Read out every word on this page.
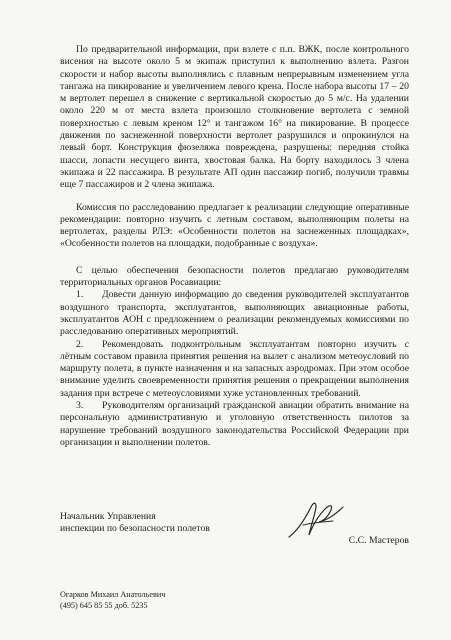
По предварительной информации, при взлете с п.п. ВЖК, после контрольного висения на высоте около 5 м экипаж приступил к выполнению взлета. Разгон скорости и набор высоты выполнялись с плавным непрерывным изменением угла тангажа на пикирование и увеличением левого крена. После набора высоты 17 – 20 м вертолет перешел в снижение с вертикальной скоростью до 5 м/с. На удалении около 220 м от места взлета произошло столкновение вертолета с земной поверхностью с левым креном 12° и тангажом 16° на пикирование. В процессе движения по заснеженной поверхности вертолет разрушился и опрокинулся на левый борт. Конструкция фюзеляжа повреждена, разрушены: передняя стойка шасси, лопасти несущего винта, хвостовая балка. На борту находилось 3 члена экипажа и 22 пассажира. В результате АП один пассажир погиб, получили травмы еще 7 пассажиров и 2 члена экипажа.

Комиссия по расследованию предлагает к реализации следующие оперативные рекомендации: повторно изучить с летным составом, выполняющим полеты на вертолетах, разделы РЛЭ: «Особенности полетов на заснеженных площадках», «Особенности полетов на площадки, подобранные с воздуха».

С целью обеспечения безопасности полетов предлагаю руководителям территориальных органов Росавиации:

1. Довести данную информацию до сведения руководителей эксплуатантов воздушного транспорта, эксплуатантов, выполняющих авиационные работы, эксплуатантов АОН с предложением о реализации рекомендуемых комиссиями по расследованию оперативных мероприятий.
2. Рекомендовать подконтрольным эксплуатантам повторно изучить с лётным составом правила принятия решения на вылет с анализом метеоусловий по маршруту полета, в пункте назначения и на запасных аэродромах. При этом особое внимание уделить своевременности принятия решения о прекращении выполнения задания при встрече с метеоусловиями хуже установленных требований.
3. Руководителям организаций гражданской авиации обратить внимание на персональную административную и уголовную ответственность пилотов за нарушение требований воздушного законодательства Российской Федерации при организации и выполнении полетов.
Начальник Управления
инспекции по безопасности полетов
С.С. Мастеров
Огарков Михаил Анатольевич
(495) 645 85 55 доб. 5235
